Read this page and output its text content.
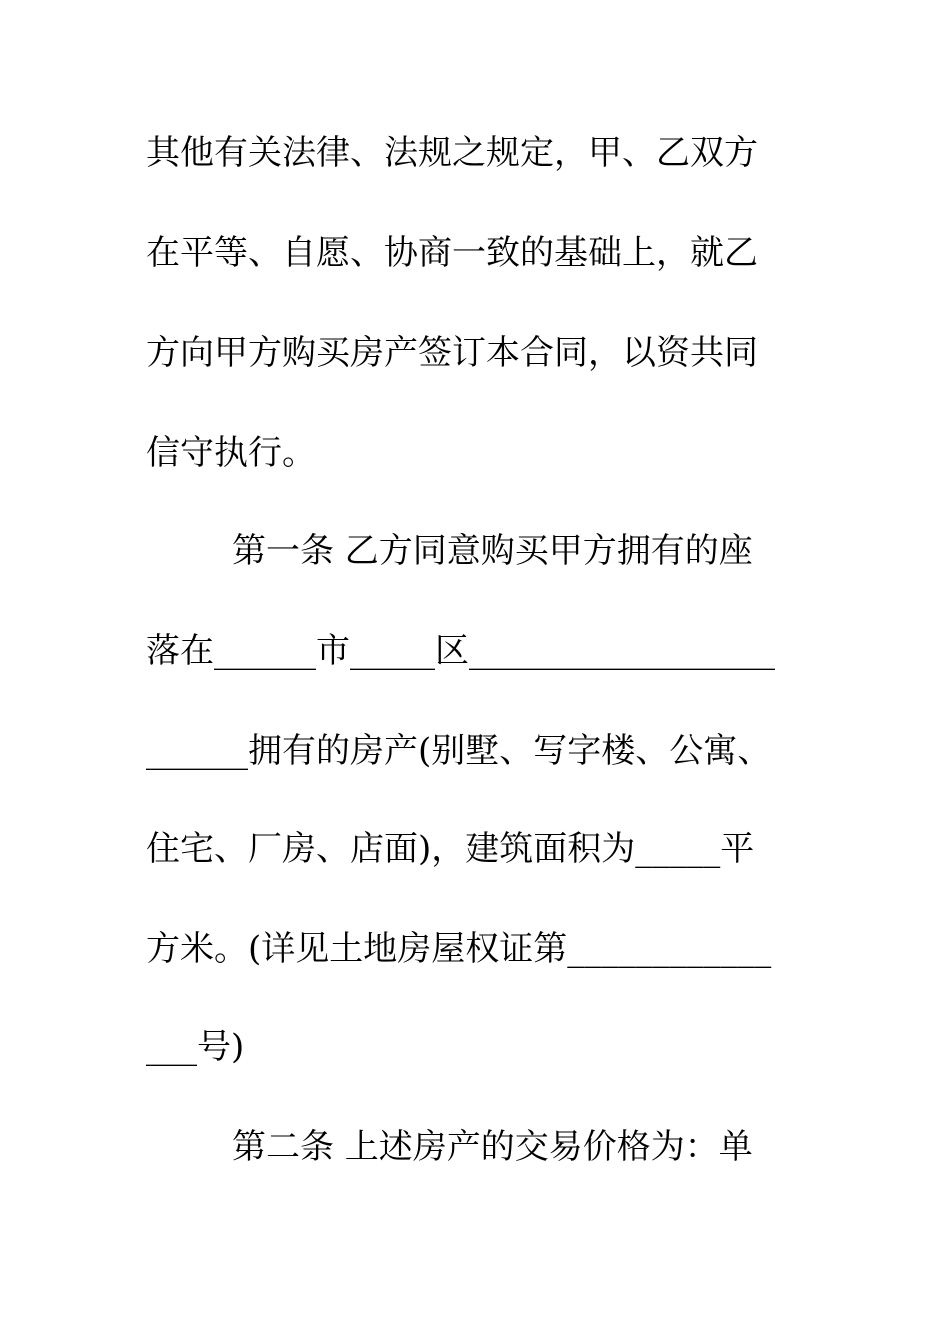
其他有关法律、法规之规定，甲、乙双方
在平等、自愿、协商一致的基础上，就乙
方向甲方购买房产签订本合同，以资共同
信守执行。
第一条 乙方同意购买甲方拥有的座
落在______市_____区__________________
______拥有的房产(别墅、写字楼、公寓、
住宅、厂房、店面)，建筑面积为_____平
方米。(详见土地房屋权证第____________
___号)
第二条 上述房产的交易价格为：单
